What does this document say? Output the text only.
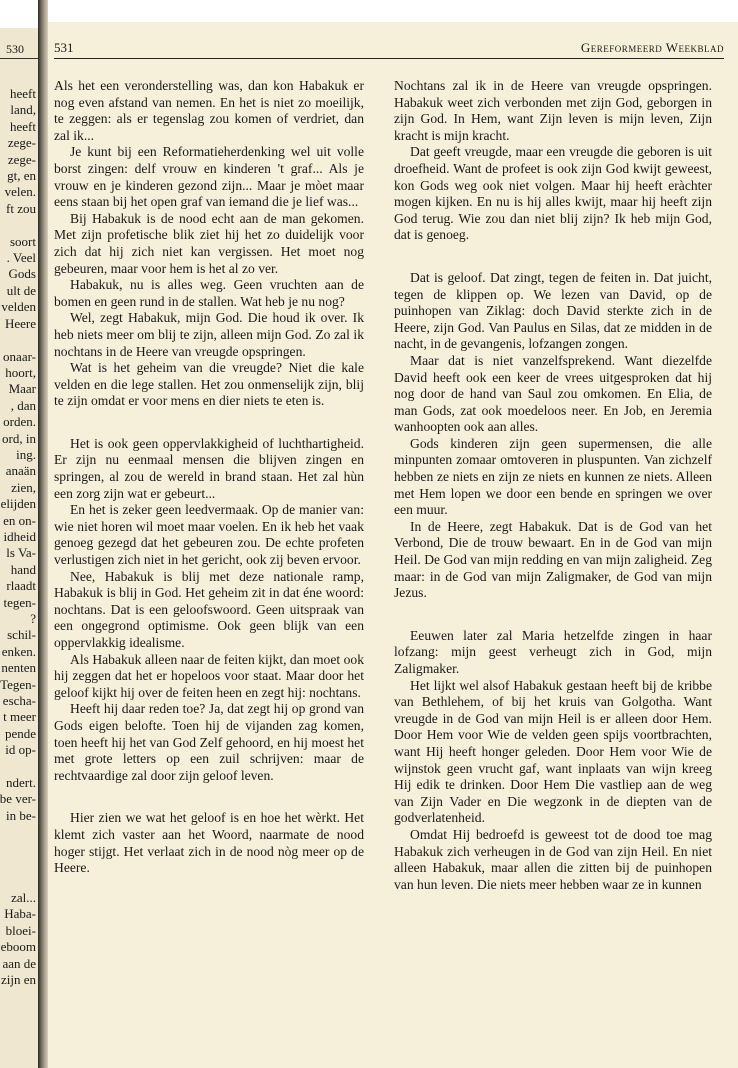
530
heeft
land,
heeft
zege-
zege-
gt, en
velen.
ft zou

soort
. Veel
Gods
ult de
velden
Heere

onaar-
hoort,
Maar
, dan
orden.
ord, in
ing.
anaän
zien,
elijden
en on-
idheid
ls Va-
hand
rlaadt
tegen-
?
schil-
enken.
nenten
Tegen-
escha-
t meer
pende
id op-

ndert.
be ver-
in be-

zal...
Haba-
bloei-
eboom
aan de
zijn en
531	Gereformeerd Weekblad

Als het een veronderstelling was, dan kon Habakuk er nog even afstand van nemen. En het is niet zo moeilijk, te zeggen: als er tegenslag zou komen of verdriet, dan zal ik...

Je kunt bij een Reformatieherdenking wel uit volle borst zingen: delf vrouw en kinderen 't graf... Als je vrouw en je kinderen gezond zijn... Maar je mòet maar eens staan bij het open graf van iemand die je lief was...

Bij Habakuk is de nood echt aan de man gekomen. Met zijn profetische blik ziet hij het zo duidelijk voor zich dat hij zich niet kan vergissen. Het moet nog gebeuren, maar voor hem is het al zo ver.

Habakuk, nu is alles weg. Geen vruchten aan de bomen en geen rund in de stallen. Wat heb je nu nog?

Wel, zegt Habakuk, mijn God. Die houd ik over. Ik heb niets meer om blij te zijn, alleen mijn God. Zo zal ik nochtans in de Heere van vreugde opspringen.

Wat is het geheim van die vreugde? Niet die kale velden en die lege stallen. Het zou onmenselijk zijn, blij te zijn omdat er voor mens en dier niets te eten is.

Het is ook geen oppervlakkigheid of luchthartigheid. Er zijn nu eenmaal mensen die blijven zingen en springen, al zou de wereld in brand staan. Het zal hùn een zorg zijn wat er gebeurt...

En het is zeker geen leedvermaak. Op de manier van: wie niet horen wil moet maar voelen. En ik heb het vaak genoeg gezegd dat het gebeuren zou. De echte profeten verlustigen zich niet in het gericht, ook zij beven ervoor.

Nee, Habakuk is blij met deze nationale ramp, Habakuk is blij in God. Het geheim zit in dat éne woord: nochtans. Dat is een geloofswoord. Geen uitspraak van een ongegrond optimisme. Ook geen blijk van een oppervlakkig idealisme.

Als Habakuk alleen naar de feiten kijkt, dan moet ook hij zeggen dat het er hopeloos voor staat. Maar door het geloof kijkt hij over de feiten heen en zegt hij: nochtans.

Heeft hij daar reden toe? Ja, dat zegt hij op grond van Gods eigen belofte. Toen hij de vijanden zag komen, toen heeft hij het van God Zelf gehoord, en hij moest het met grote letters op een zuil schrijven: maar de rechtvaardige zal door zijn geloof leven.

Hier zien we wat het geloof is en hoe het wèrkt. Het klemt zich vaster aan het Woord, naarmate de nood hoger stijgt. Het verlaat zich in de nood nòg meer op de Heere.

Nochtans zal ik in de Heere van vreugde opspringen. Habakuk weet zich verbonden met zijn God, geborgen in zijn God. In Hem, want Zijn leven is mijn leven, Zijn kracht is mijn kracht.

Dat geeft vreugde, maar een vreugde die geboren is uit droefheid. Want de profeet is ook zijn God kwijt geweest, kon Gods weg ook niet volgen. Maar hij heeft eràchter mogen kijken. En nu is hij alles kwijt, maar hij heeft zijn God terug. Wie zou dan niet blij zijn? Ik heb mijn God, dat is genoeg.

Dat is geloof. Dat zingt, tegen de feiten in. Dat juicht, tegen de klippen op. We lezen van David, op de puinhopen van Ziklag: doch David sterkte zich in de Heere, zijn God. Van Paulus en Silas, dat ze midden in de nacht, in de gevangenis, lofzangen zongen.

Maar dat is niet vanzelfsprekend. Want diezelfde David heeft ook een keer de vrees uitgesproken dat hij nog door de hand van Saul zou omkomen. En Elia, de man Gods, zat ook moedeloos neer. En Job, en Jeremia wanhoopten ook aan alles.

Gods kinderen zijn geen supermensen, die alle minpunten zomaar omtoveren in pluspunten. Van zichzelf hebben ze niets en zijn ze niets en kunnen ze niets. Alleen met Hem lopen we door een bende en springen we over een muur.

In de Heere, zegt Habakuk. Dat is de God van het Verbond, Die de trouw bewaart. En in de God van mijn Heil. De God van mijn redding en van mijn zaligheid. Zeg maar: in de God van mijn Zaligmaker, de God van mijn Jezus.

Eeuwen later zal Maria hetzelfde zingen in haar lofzang: mijn geest verheugt zich in God, mijn Zaligmaker.

Het lijkt wel alsof Habakuk gestaan heeft bij de kribbe van Bethlehem, of bij het kruis van Golgotha. Want vreugde in de God van mijn Heil is er alleen door Hem. Door Hem voor Wie de velden geen spijs voortbrachten, want Hij heeft honger geleden. Door Hem voor Wie de wijnstok geen vrucht gaf, want inplaats van wijn kreeg Hij edik te drinken. Door Hem Die vastliep aan de weg van Zijn Vader en Die wegzonk in de diepten van de godverlatenheid.

Omdat Hij bedroefd is geweest tot de dood toe mag Habakuk zich verheugen in de God van zijn Heil. En niet alleen Habakuk, maar allen die zitten bij de puinhopen van hun leven. Die niets meer hebben waar ze in kunnen
